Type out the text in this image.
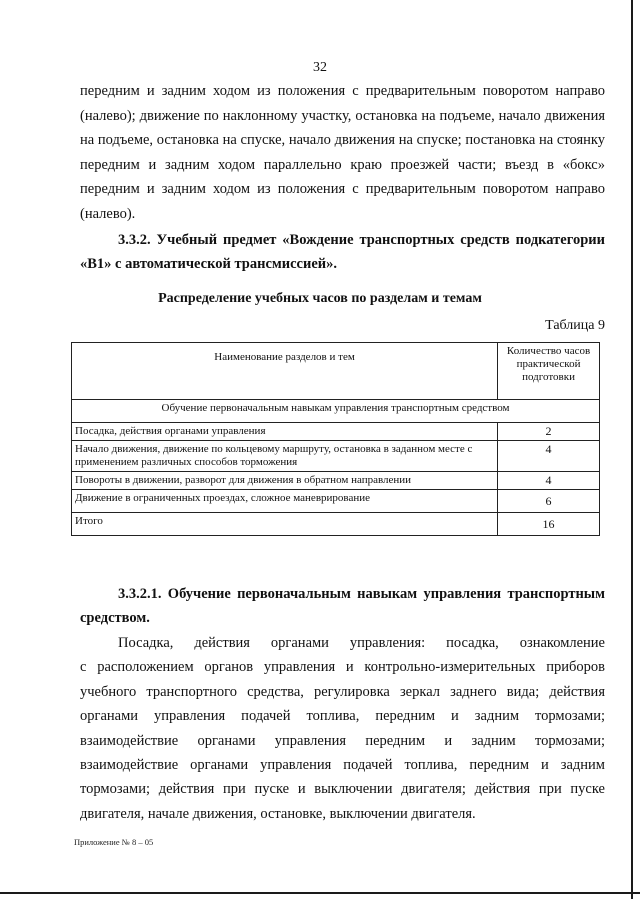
32
передним и задним ходом из положения с предварительным поворотом направо
(налево); движение по наклонному участку, остановка на подъеме, начало движения
на подъеме, остановка на спуске, начало движения на спуске; постановка на стоянку
передним и задним ходом параллельно краю проезжей части; въезд в «бокс»
передним и задним ходом из положения с предварительным поворотом направо
(налево).
3.3.2. Учебный предмет «Вождение транспортных средств подкатегории
«В1» с автоматической трансмиссией».
Распределение учебных часов по разделам и темам
Таблица 9
Наименование разделов и тем	Количество часов практической подготовки
Обучение первоначальным навыкам управления транспортным средством	
Посадка, действия органами управления	2
Начало движения, движение по кольцевому маршруту, остановка в заданном месте с применением различных способов торможения	4
Повороты в движении, разворот для движения в обратном направлении	4
Движение в ограниченных проездах, сложное маневрирование	6
Итого	16
3.3.2.1. Обучение первоначальным навыкам управления транспортным
средством.
Посадка, действия органами управления: посадка, ознакомление
с расположением органов управления и контрольно-измерительных приборов
учебного транспортного средства, регулировка зеркал заднего вида; действия
органами управления подачей топлива, передним и задним тормозами;
взаимодействие органами управления передним и задним тормозами;
взаимодействие органами управления подачей топлива, передним и задним
тормозами; действия при пуске и выключении двигателя; действия при пуске
двигателя, начале движения, остановке, выключении двигателя.
Приложение № 8 – 05
